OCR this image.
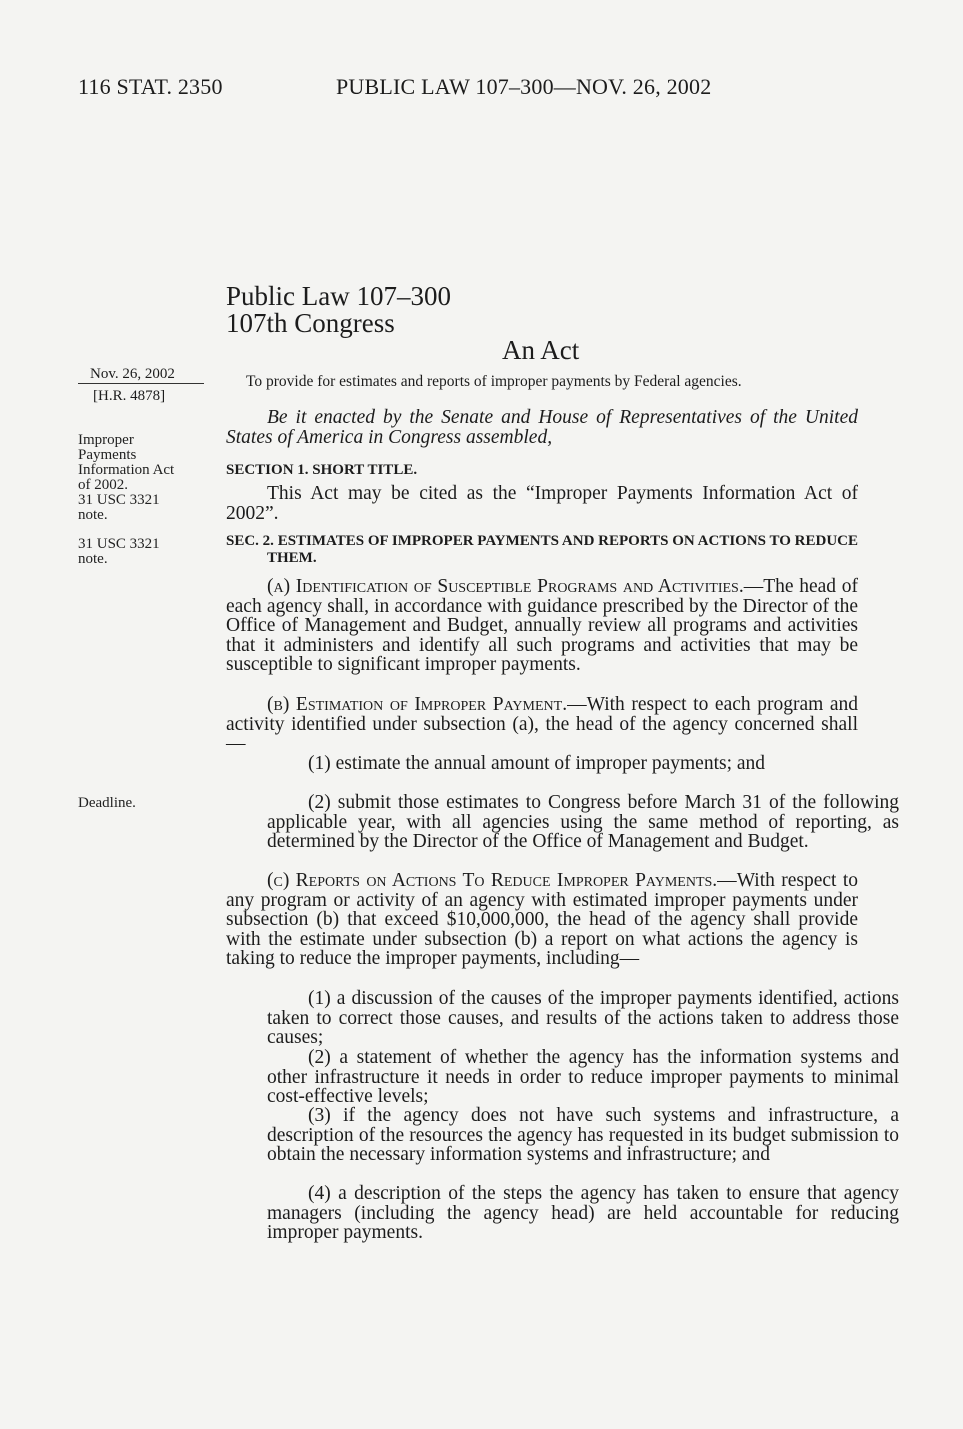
116 STAT. 2350	PUBLIC LAW 107–300—NOV. 26, 2002
Public Law 107–300
107th Congress
An Act
Nov. 26, 2002
[H.R. 4878]
To provide for estimates and reports of improper payments by Federal agencies.
Improper
Payments
Information Act
of 2002.
31 USC 3321
note.
31 USC 3321
note.
Deadline.
Be it enacted by the Senate and House of Representatives of the United States of America in Congress assembled,
SECTION 1. SHORT TITLE.
This Act may be cited as the “Improper Payments Information Act of 2002”.
SEC. 2. ESTIMATES OF IMPROPER PAYMENTS AND REPORTS ON ACTIONS TO REDUCE THEM.
(a) Identification of Susceptible Programs and Activities.—The head of each agency shall, in accordance with guidance prescribed by the Director of the Office of Management and Budget, annually review all programs and activities that it administers and identify all such programs and activities that may be susceptible to significant improper payments.
(b) Estimation of Improper Payment.—With respect to each program and activity identified under subsection (a), the head of the agency concerned shall—
(1) estimate the annual amount of improper payments; and
(2) submit those estimates to Congress before March 31 of the following applicable year, with all agencies using the same method of reporting, as determined by the Director of the Office of Management and Budget.
(c) Reports on Actions To Reduce Improper Payments.—With respect to any program or activity of an agency with estimated improper payments under subsection (b) that exceed $10,000,000, the head of the agency shall provide with the estimate under subsection (b) a report on what actions the agency is taking to reduce the improper payments, including—
(1) a discussion of the causes of the improper payments identified, actions taken to correct those causes, and results of the actions taken to address those causes;
(2) a statement of whether the agency has the information systems and other infrastructure it needs in order to reduce improper payments to minimal cost-effective levels;
(3) if the agency does not have such systems and infrastructure, a description of the resources the agency has requested in its budget submission to obtain the necessary information systems and infrastructure; and
(4) a description of the steps the agency has taken to ensure that agency managers (including the agency head) are held accountable for reducing improper payments.
